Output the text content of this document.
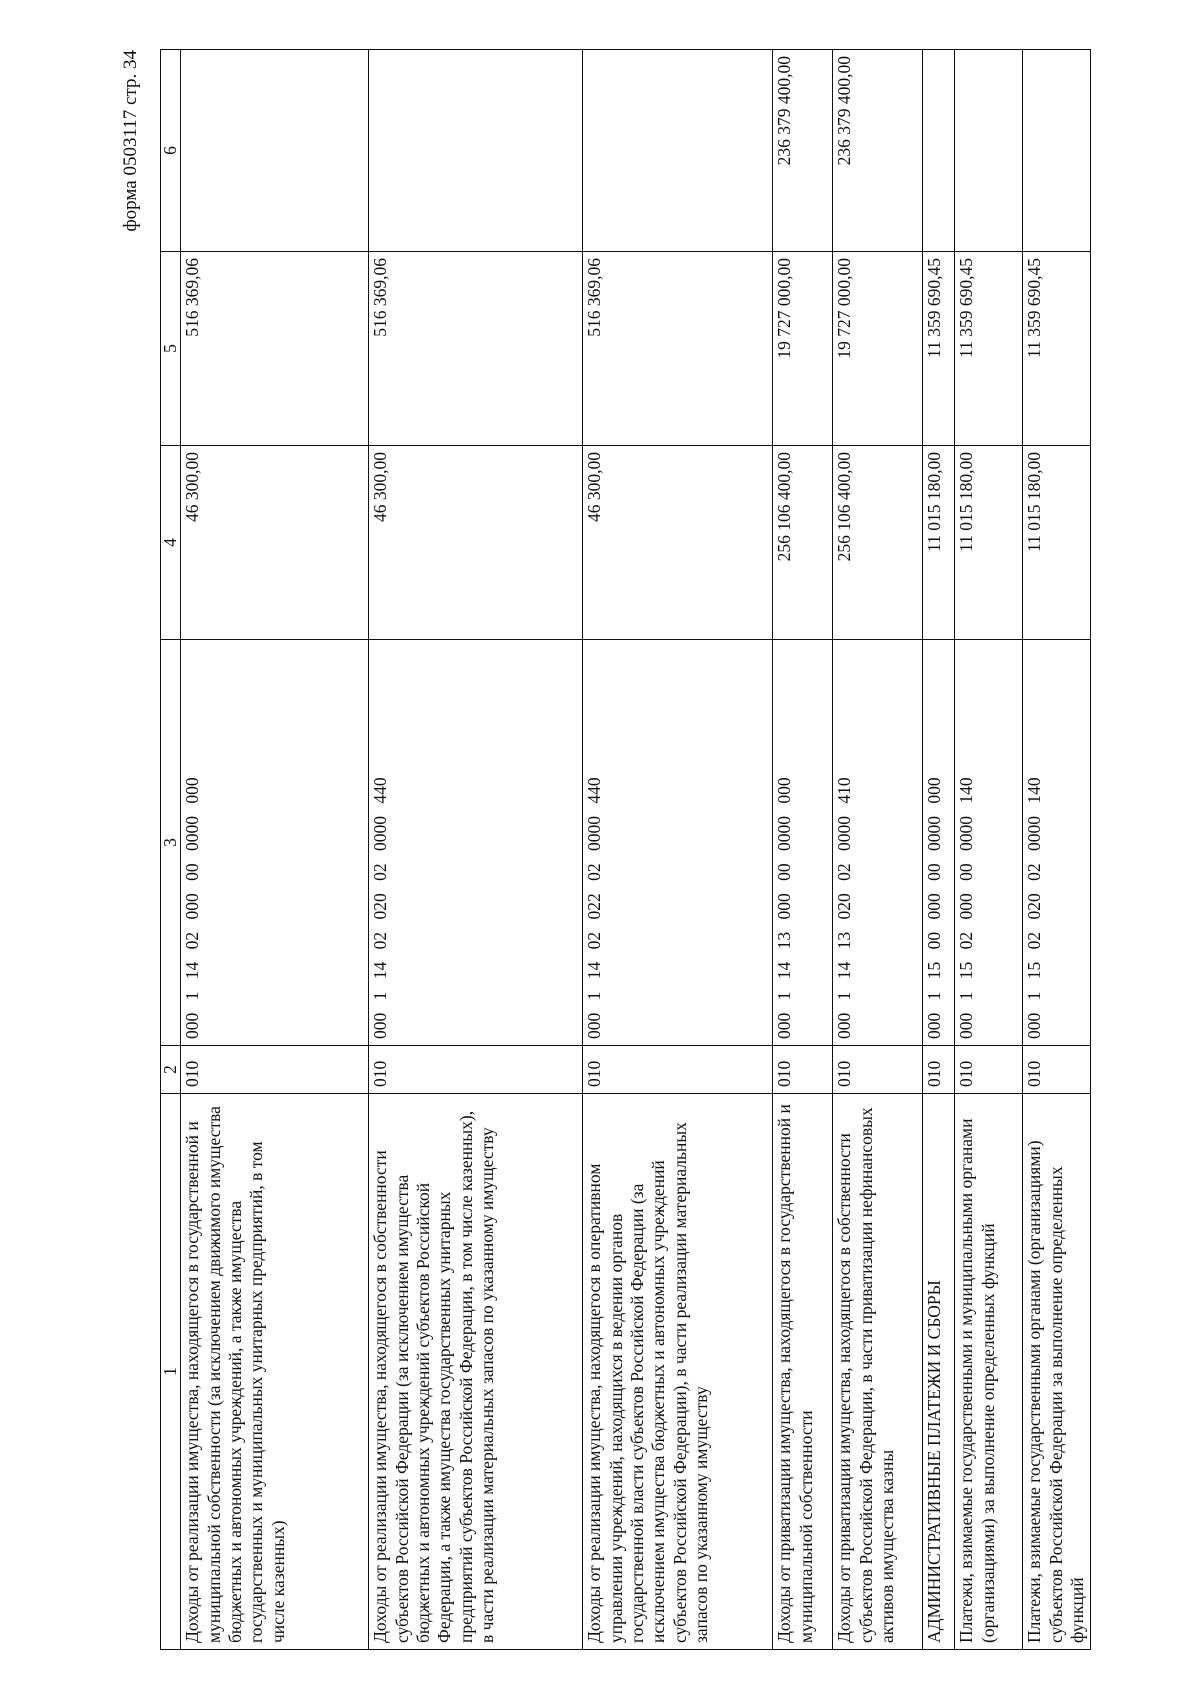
форма 0503117 стр. 34
1	2	3	4	5	6
Доходы от реализации имущества, находящегося в государственной и муниципальной собственности (за исключением движимого имущества бюджетных и автономных учреждений, а также имущества государственных и муниципальных унитарных предприятий, в том числе казенных)	010	000 1 14 02 000 00 0000 000	46 300,00	516 369,06	
Доходы от реализации имущества, находящегося в собственности субъектов Российской Федерации (за исключением имущества бюджетных и автономных учреждений субъектов Российской Федерации, а также имущества государственных унитарных предприятий субъектов Российской Федерации, в том числе казенных), в части реализации материальных запасов по указанному имуществу	010	000 1 14 02 020 02 0000 440	46 300,00	516 369,06	
Доходы от реализации имущества, находящегося в оперативном управлении учреждений, находящихся в ведении органов государственной власти субъектов Российской Федерации (за исключением имущества бюджетных и автономных учреждений субъектов Российской Федерации), в части реализации материальных запасов по указанному имуществу	010	000 1 14 02 022 02 0000 440	46 300,00	516 369,06	
Доходы от приватизации имущества, находящегося в государственной и муниципальной собственности	010	000 1 14 13 000 00 0000 000	256 106 400,00	19 727 000,00	236 379 400,00
Доходы от приватизации имущества, находящегося в собственности субъектов Российской Федерации, в части приватизации нефинансовых активов имущества казны	010	000 1 14 13 020 02 0000 410	256 106 400,00	19 727 000,00	236 379 400,00
АДМИНИСТРАТИВНЫЕ ПЛАТЕЖИ И СБОРЫ	010	000 1 15 00 000 00 0000 000	11 015 180,00	11 359 690,45	
Платежи, взимаемые государственными и муниципальными органами (организациями) за выполнение определенных функций	010	000 1 15 02 000 00 0000 140	11 015 180,00	11 359 690,45	
Платежи, взимаемые государственными органами (организациями) субъектов Российской Федерации за выполнение определенных функций	010	000 1 15 02 020 02 0000 140	11 015 180,00	11 359 690,45	
